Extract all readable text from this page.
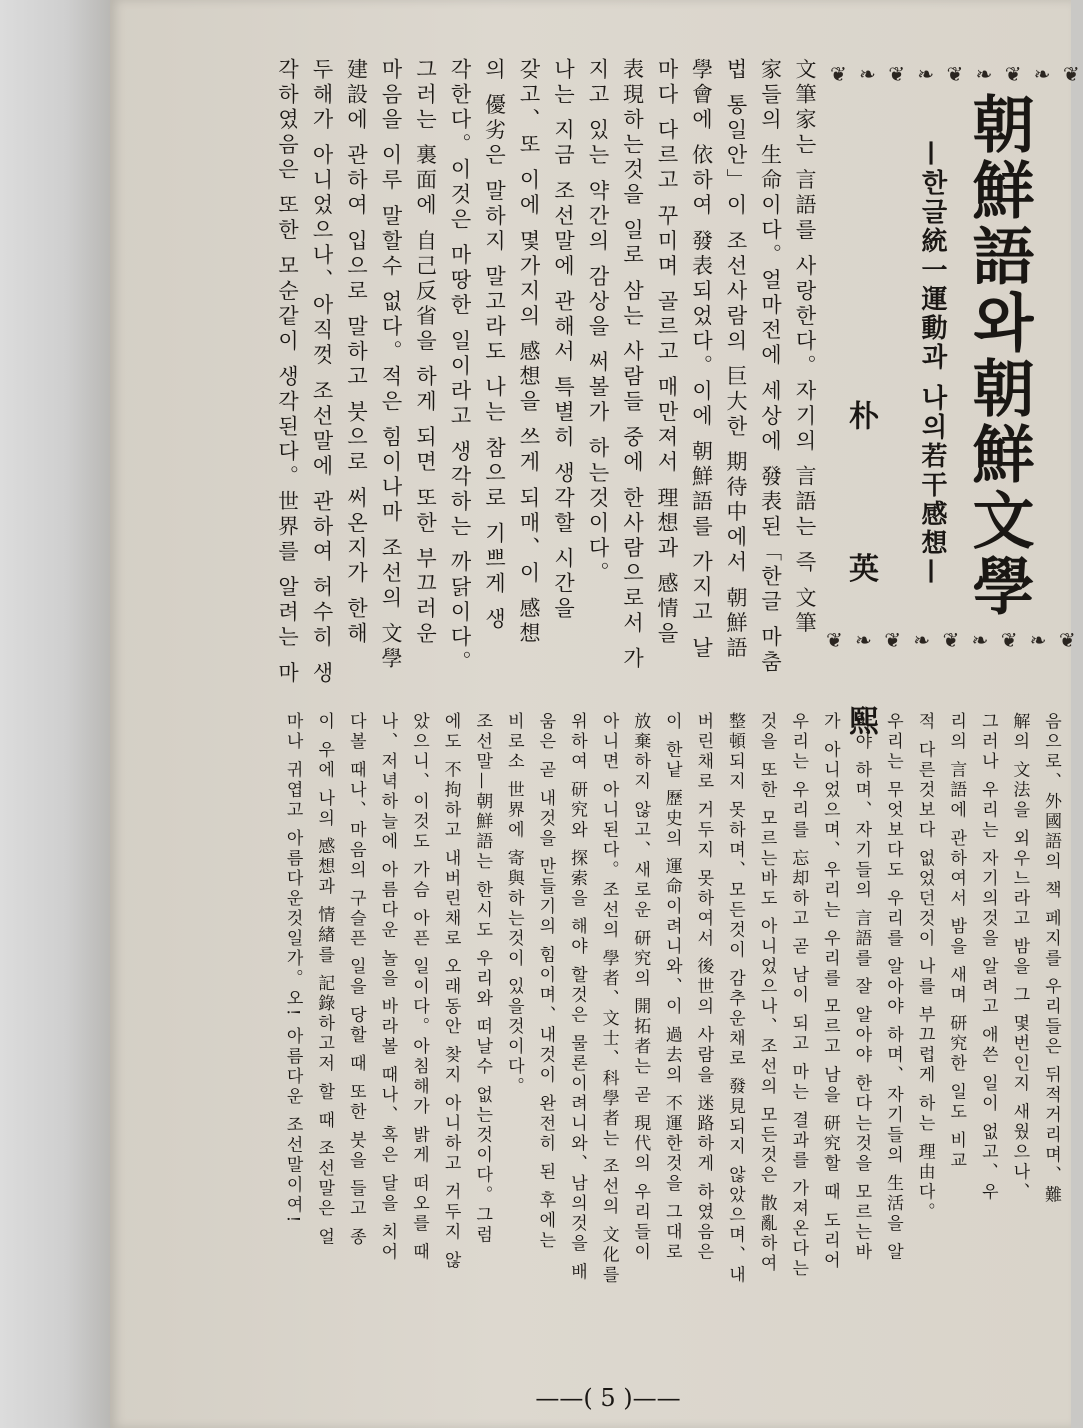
朝鮮語와朝鮮文學
—한글統一運動과 나의若干感想—
朴 英 熙
❦ ❧ ❦ ❧ ❦ ❧ ❦ ❧ ❦
❦ ❧ ❦ ❧ ❦ ❧ ❦ ❧ ❦
文筆家는 言語를 사랑한다。자기의 言語는 즉 文筆
家들의 生命이다。얼마전에 세상에 發表된「한글 마춤
법 통일안」이 조선사람의 巨大한 期待中에서 朝鮮語
學會에 依하여 發表되었다。이에 朝鮮語를 가지고 날
마다 다르고 꾸미며 골르고 매만져서 理想과 感情을
表現하는것을 일로 삼는 사람들 중에 한사람으로서 가
지고 있는 약간의 감상을 써볼가 하는것이다。
나는 지금 조선말에 관해서 특별히 생각할 시간을
갖고、또 이에 몇가지의 感想을 쓰게 되매、이 感想
의 優劣은 말하지 말고라도 나는 참으로 기쁘게 생
각한다。이것은 마땅한 일이라고 생각하는 까닭이다。
그러는 裏面에 自己反省을 하게 되면 또한 부끄러운
마음을 이루 말할수 없다。적은 힘이나마 조선의 文學
建設에 관하여 입으로 말하고 붓으로 써온지가 한해
두해가 아니었으나、아직껏 조선말에 관하여 허수히 생
각하였음은 또한 모순같이 생각된다。世界를 알려는 마
음으로、外國語의 책 페지를 우리들은 뒤적거리며、難
解의 文法을 외우느라고 밤을 그 몇번인지 새웠으나、
그러나 우리는 자기의것을 알려고 애쓴 일이 없고、우
리의 言語에 관하여서 밤을 새며 研究한 일도 비교
적 다른것보다 없었던것이 나를 부끄럽게 하는 理由다。
우리는 무엇보다도 우리를 알아야 하며、자기들의 生活을 알
아야 하며、자기들의 言語를 잘 알아야 한다는것을 모르는바
가 아니었으며、우리는 우리를 모르고 남을 研究할 때 도리어
우리는 우리를 忘却하고 곧 남이 되고 마는 결과를 가져온다는
것을 또한 모르는바도 아니었으나、조선의 모든것은 散亂하여
整頓되지 못하며、모든것이 감추운채로 發見되지 않았으며、내
버린채로 거두지 못하여서 後世의 사람을 迷路하게 하였음은
이 한낱 歷史의 運命이려니와、이 過去의 不運한것을 그대로
放棄하지 않고、새로운 研究의 開拓者는 곧 現代의 우리들이
아니면 아니된다。조선의 學者、文士、科學者는 조선의 文化를
위하여 研究와 探索을 해야 할것은 물론이려니와、남의것을 배
움은 곧 내것을 만들기의 힘이며、내것이 완전히 된 후에는
비로소 世界에 寄與하는것이 있을것이다。
조선말—朝鮮語는 한시도 우리와 떠날수 없는것이다。그럼
에도 不拘하고 내버린채로 오래동안 찾지 아니하고 거두지 않
았으니、이것도 가슴 아픈 일이다。아침해가 밝게 떠오를 때
나、저녁하늘에 아름다운 놀을 바라볼 때나、혹은 달을 치어
다볼 때나、마음의 구슬픈 일을 당할 때 또한 붓을 들고 종
이 우에 나의 感想과 情緖를 記錄하고저 할 때 조선말은 얼
마나 귀엽고 아름다운것일가。오! 아름다운 조선말이여!
——( 5 )——
